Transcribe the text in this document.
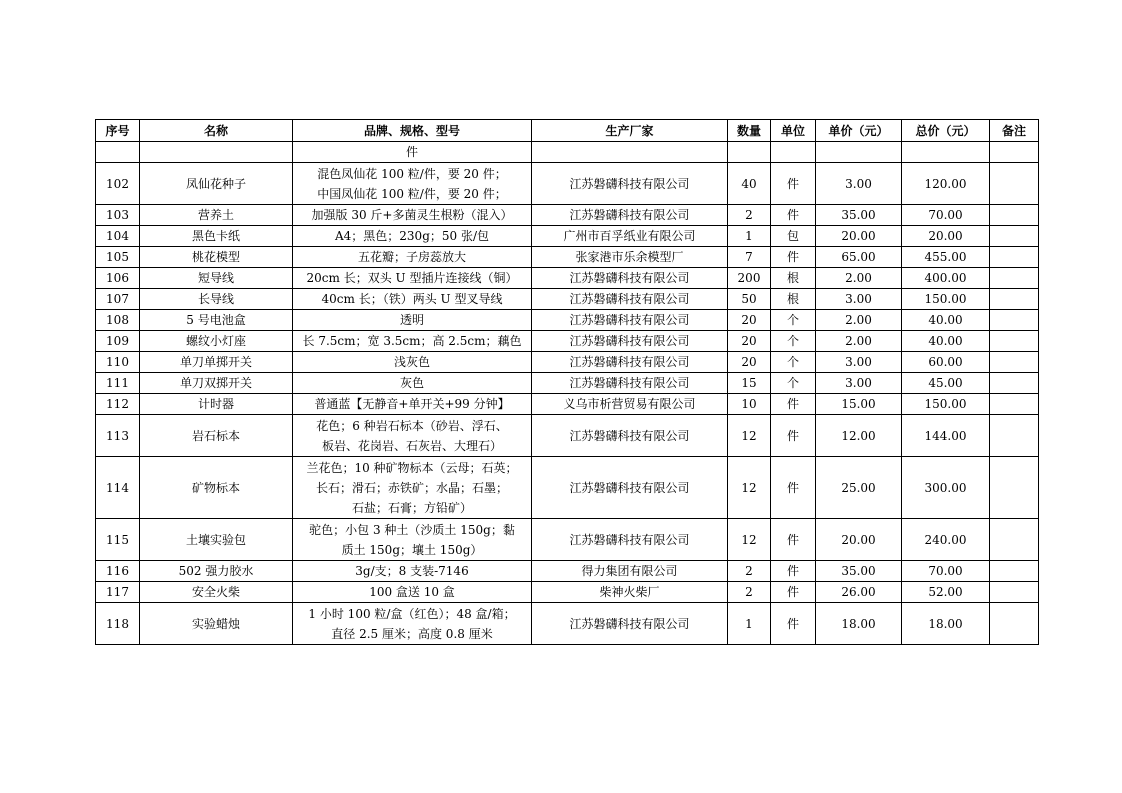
序号	名称	品牌、规格、型号	生产厂家	数量	单位	单价（元）	总价（元）	备注

		件						

102	凤仙花种子	混色凤仙花 100 粒/件，要 20 件；
中国凤仙花 100 粒/件，要 20 件；	江苏磐礴科技有限公司	40	件	3.00	120.00	
103	营养土	加强版 30 斤+多菌灵生根粉（混入）	江苏磐礴科技有限公司	2	件	35.00	70.00	
104	黑色卡纸	A4；黑色；230g；50 张/包	广州市百孚纸业有限公司	1	包	20.00	20.00	
105	桃花模型	五花瓣；子房蕊放大	张家港市乐余模型厂	7	件	65.00	455.00	
106	短导线	20cm 长；双头 U 型插片连接线（铜）	江苏磐礴科技有限公司	200	根	2.00	400.00	
107	长导线	40cm 长；（铁）两头 U 型叉导线	江苏磐礴科技有限公司	50	根	3.00	150.00	
108	5 号电池盒	透明	江苏磐礴科技有限公司	20	个	2.00	40.00	
109	螺纹小灯座	长 7.5cm；宽 3.5cm；高 2.5cm；藕色	江苏磐礴科技有限公司	20	个	2.00	40.00	
110	单刀单掷开关	浅灰色	江苏磐礴科技有限公司	20	个	3.00	60.00	
111	单刀双掷开关	灰色	江苏磐礴科技有限公司	15	个	3.00	45.00	
112	计时器	普通蓝【无静音+单开关+99 分钟】	义乌市析营贸易有限公司	10	件	15.00	150.00	
113	岩石标本	花色；6 种岩石标本（砂岩、浮石、
板岩、花岗岩、石灰岩、大理石）	江苏磐礴科技有限公司	12	件	12.00	144.00	
114	矿物标本	兰花色；10 种矿物标本（云母；石英；
长石；滑石；赤铁矿；水晶；石墨；
石盐；石膏；方铅矿）	江苏磐礴科技有限公司	12	件	25.00	300.00	
115	土壤实验包	驼色；小包 3 种土（沙质土 150g；黏
质土 150g；壤土 150g）	江苏磐礴科技有限公司	12	件	20.00	240.00	
116	502 强力胶水	3g/支；8 支装-7146	得力集团有限公司	2	件	35.00	70.00	
117	安全火柴	100 盒送 10 盒	柴神火柴厂	2	件	26.00	52.00	
118	实验蜡烛	1 小时 100 粒/盒（红色）；48 盒/箱；
直径 2.5 厘米；高度 0.8 厘米	江苏磐礴科技有限公司	1	件	18.00	18.00	
